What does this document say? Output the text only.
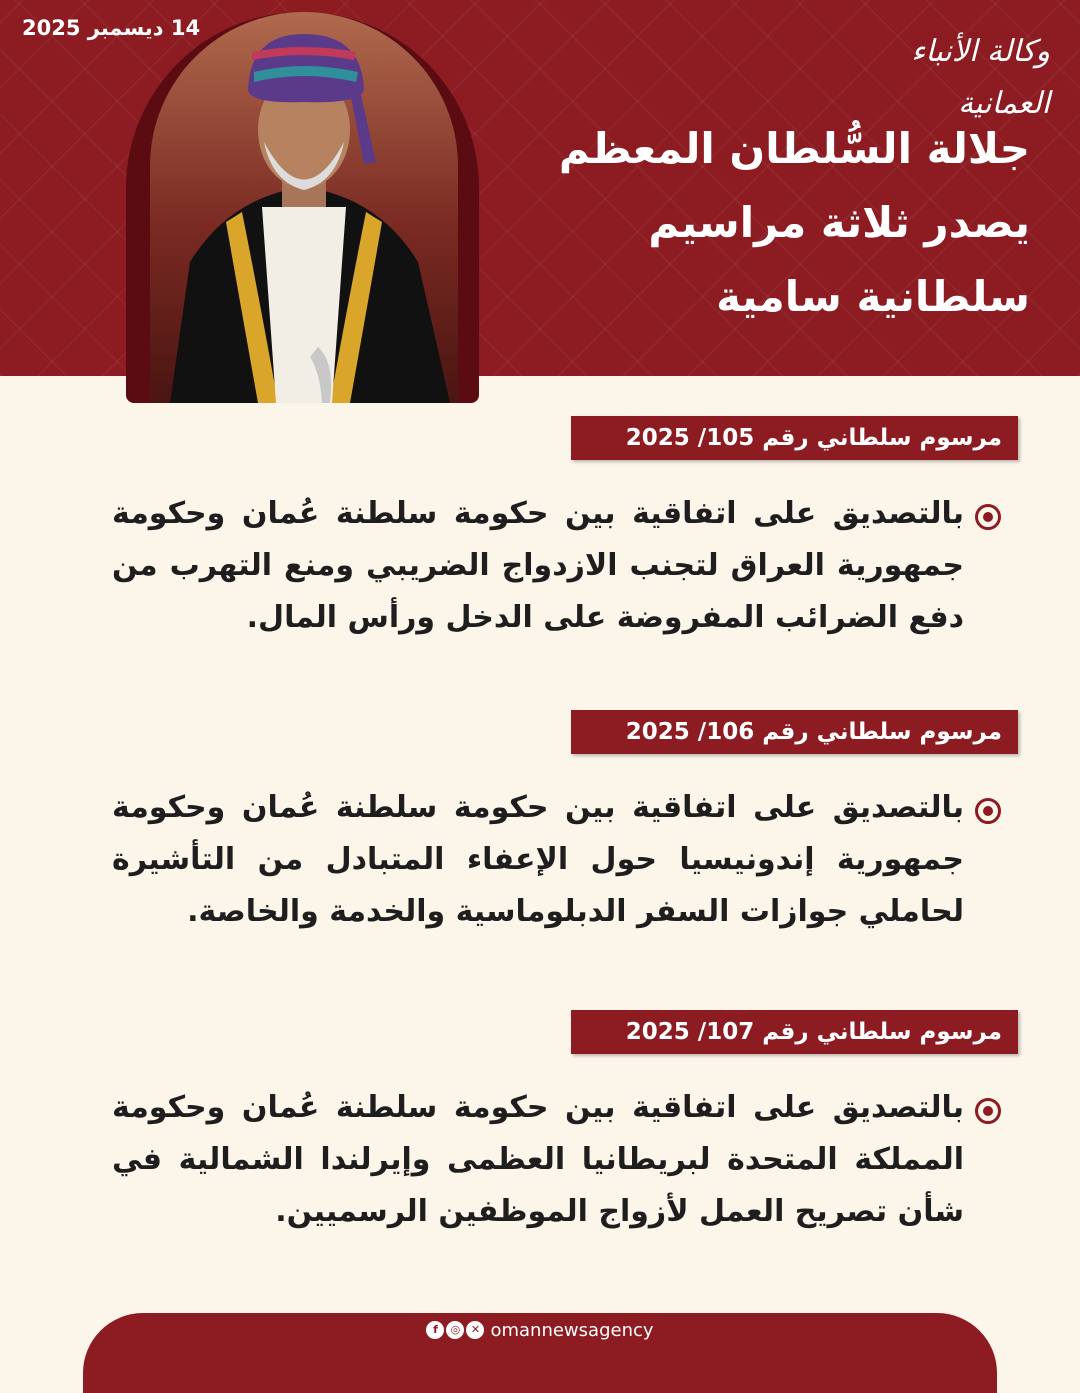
14 ديسمبر 2025
وكالة الأنباء العمانية
جلالة السُّلطان المعظم
يصدر ثلاثة مراسيم
سلطانية سامية
مرسوم سلطاني رقم 105/ 2025
بالتصديق على اتفاقية بين حكومة سلطنة عُمان وحكومة جمهورية العراق لتجنب الازدواج الضريبي ومنع التهرب من دفع الضرائب المفروضة على الدخل ورأس المال.
مرسوم سلطاني رقم 106/ 2025
بالتصديق على اتفاقية بين حكومة سلطنة عُمان وحكومة جمهورية إندونيسيا حول الإعفاء المتبادل من التأشيرة لحاملي جوازات السفر الدبلوماسية والخدمة والخاصة.
مرسوم سلطاني رقم 107/ 2025
بالتصديق على اتفاقية بين حكومة سلطنة عُمان وحكومة المملكة المتحدة لبريطانيا العظمى وإيرلندا الشمالية في شأن تصريح العمل لأزواج الموظفين الرسميين.
f ◎ ✕ omannewsagency
